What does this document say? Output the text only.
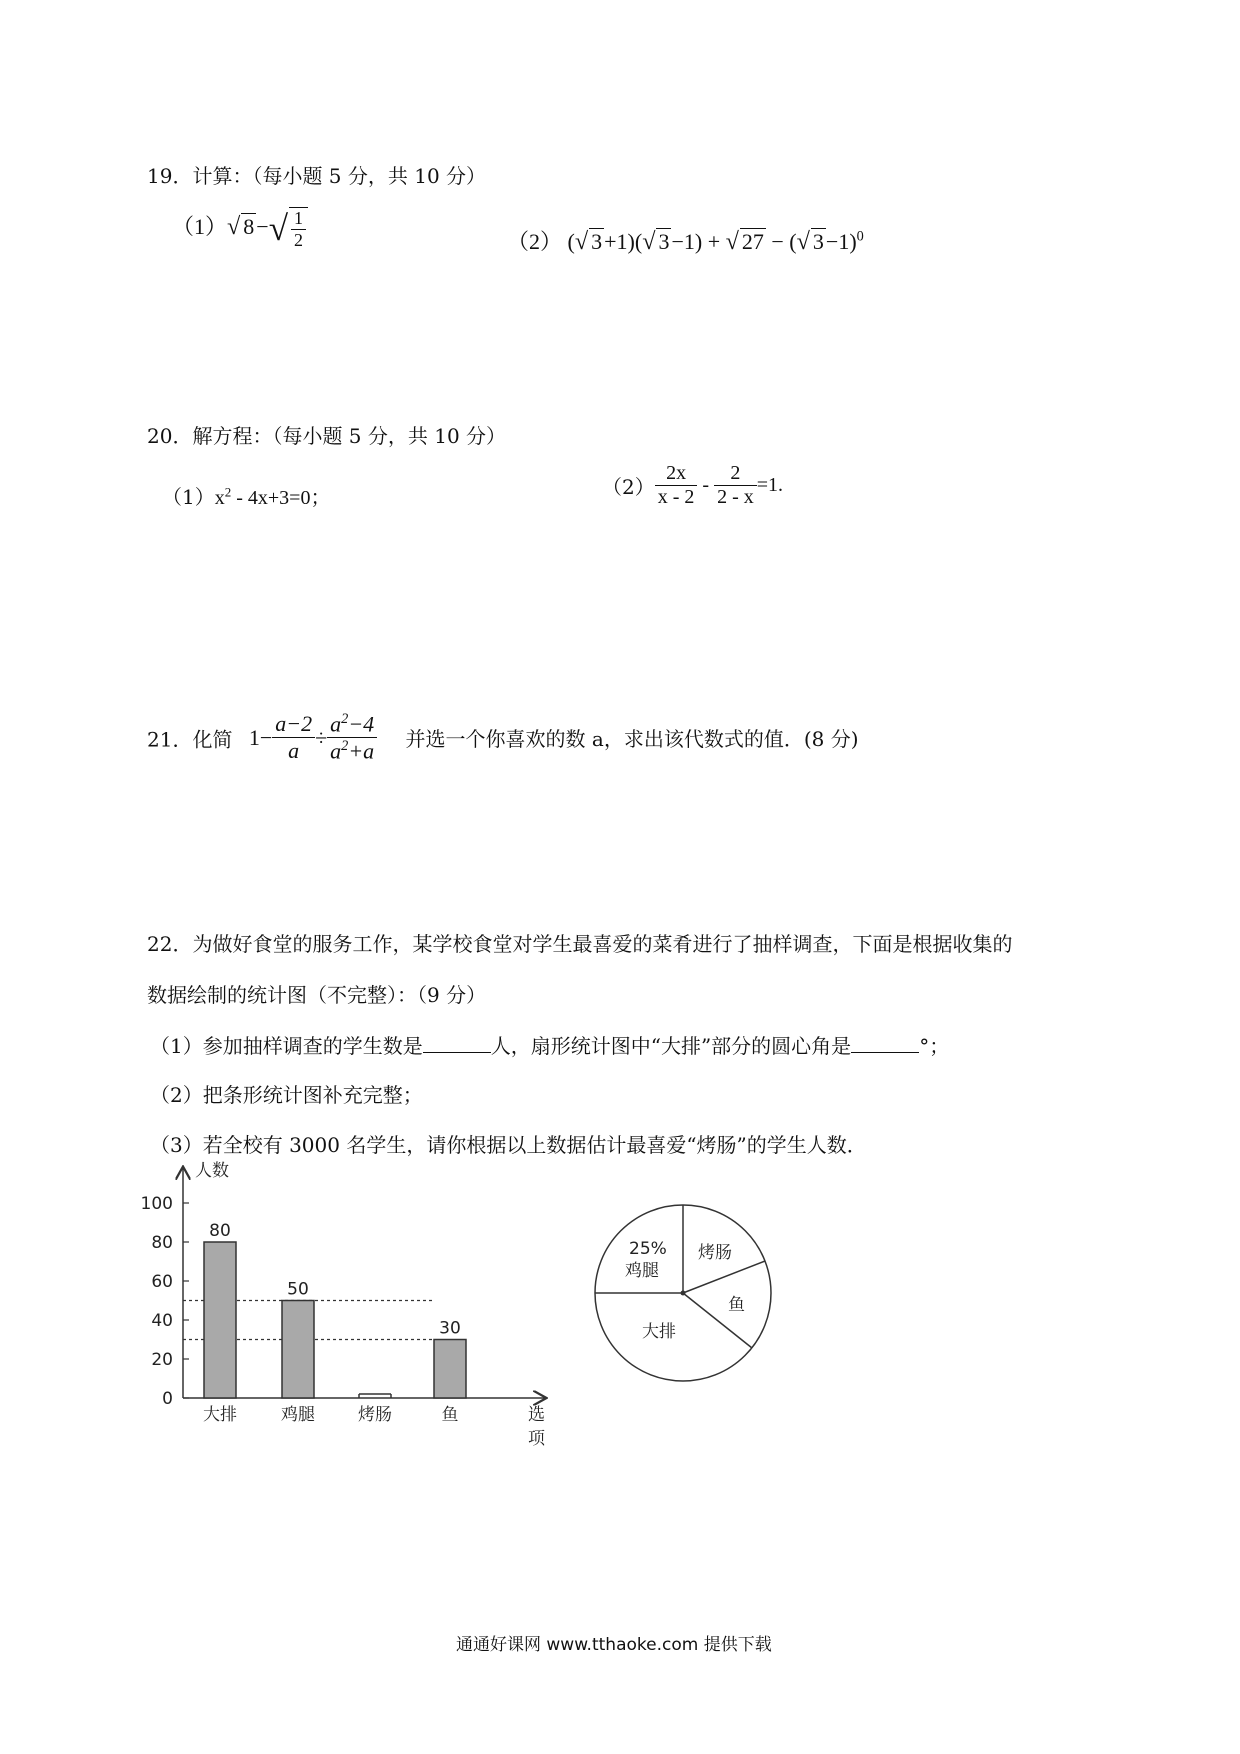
19．计算：（每小题 5 分，共 10 分）
（1）√ $8-√ \frac{1}{2}$	（2） (√ 3+1)(√ 3−1) + √ 27 − (√ 3−1)$^0$
20．解方程：（每小题 5 分，共 10 分）
$(1)x^2 - 4x+3=0$；	$(2) \frac{2x}{x - 2} - \frac{2}{2 - x} =1$.
21．化简 $1- \frac{a-2}{a} \div \frac{a^2-4}{a^2+a}$ 并选一个你喜欢的数 a，求出该代数式的值．(8 分)
22．为做好食堂的服务工作，某学校食堂对学生最喜爱的菜肴进行了抽样调查，下面是根据收集的
数据绘制的统计图（不完整）：（9 分）
（1）参加抽样调查的学生数是	人，扇形统计图中“大排”部分的圆心角是	°；
（2）把条形统计图补充完整；
（3）若全校有 3000 名学生，请你根据以上数据估计最喜爱“烤肠”的学生人数．
人数
选
项
0
20
40
60
80
100
80
50
30
大排	鸡腿	烤肠	鱼
烤肠
鱼
大排
25%
鸡腿
通通好课网 www.tthaoke.com 提供下载
